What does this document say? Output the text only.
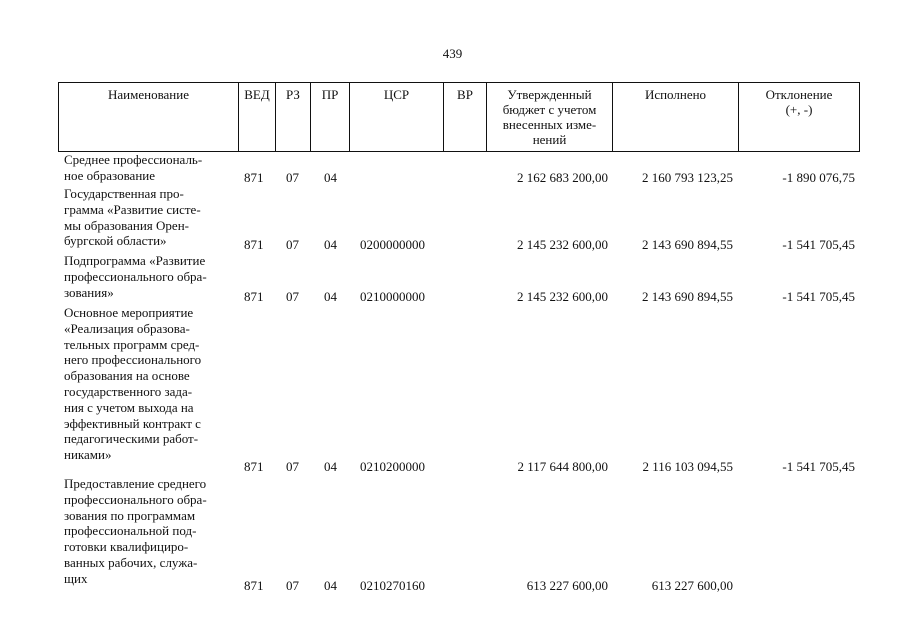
439
Наименование	ВЕД	РЗ	ПР	ЦСР	ВР	Утвержденный
бюджет с учетом
внесенных изме-
нений
Исполнено	Отклонение
(+, -)
Среднее профессиональ-
ное образование	871 07 04	2 162 683 200,00	2 160 793 123,25	-1 890 076,75
Государственная про-
грамма «Развитие систе-
мы образования Орен-
бургской области»	871 07 04 0200000000	2 145 232 600,00	2 143 690 894,55	-1 541 705,45
Подпрограмма «Развитие
профессионального обра-
зования»	871 07 04 0210000000	2 145 232 600,00	2 143 690 894,55	-1 541 705,45
Основное мероприятие
«Реализация образова-
тельных программ сред-
него профессионального
образования на основе
государственного зада-
ния с учетом выхода на
эффективный контракт с
педагогическими работ-
никами»
871 07 04 0210200000	2 117 644 800,00	2 116 103 094,55	-1 541 705,45
Предоставление среднего
профессионального обра-
зования по программам
профессиональной под-
готовки квалифициро-
ванных рабочих, служа-
щих	871 07 04 0210270160	613 227 600,00	613 227 600,00
